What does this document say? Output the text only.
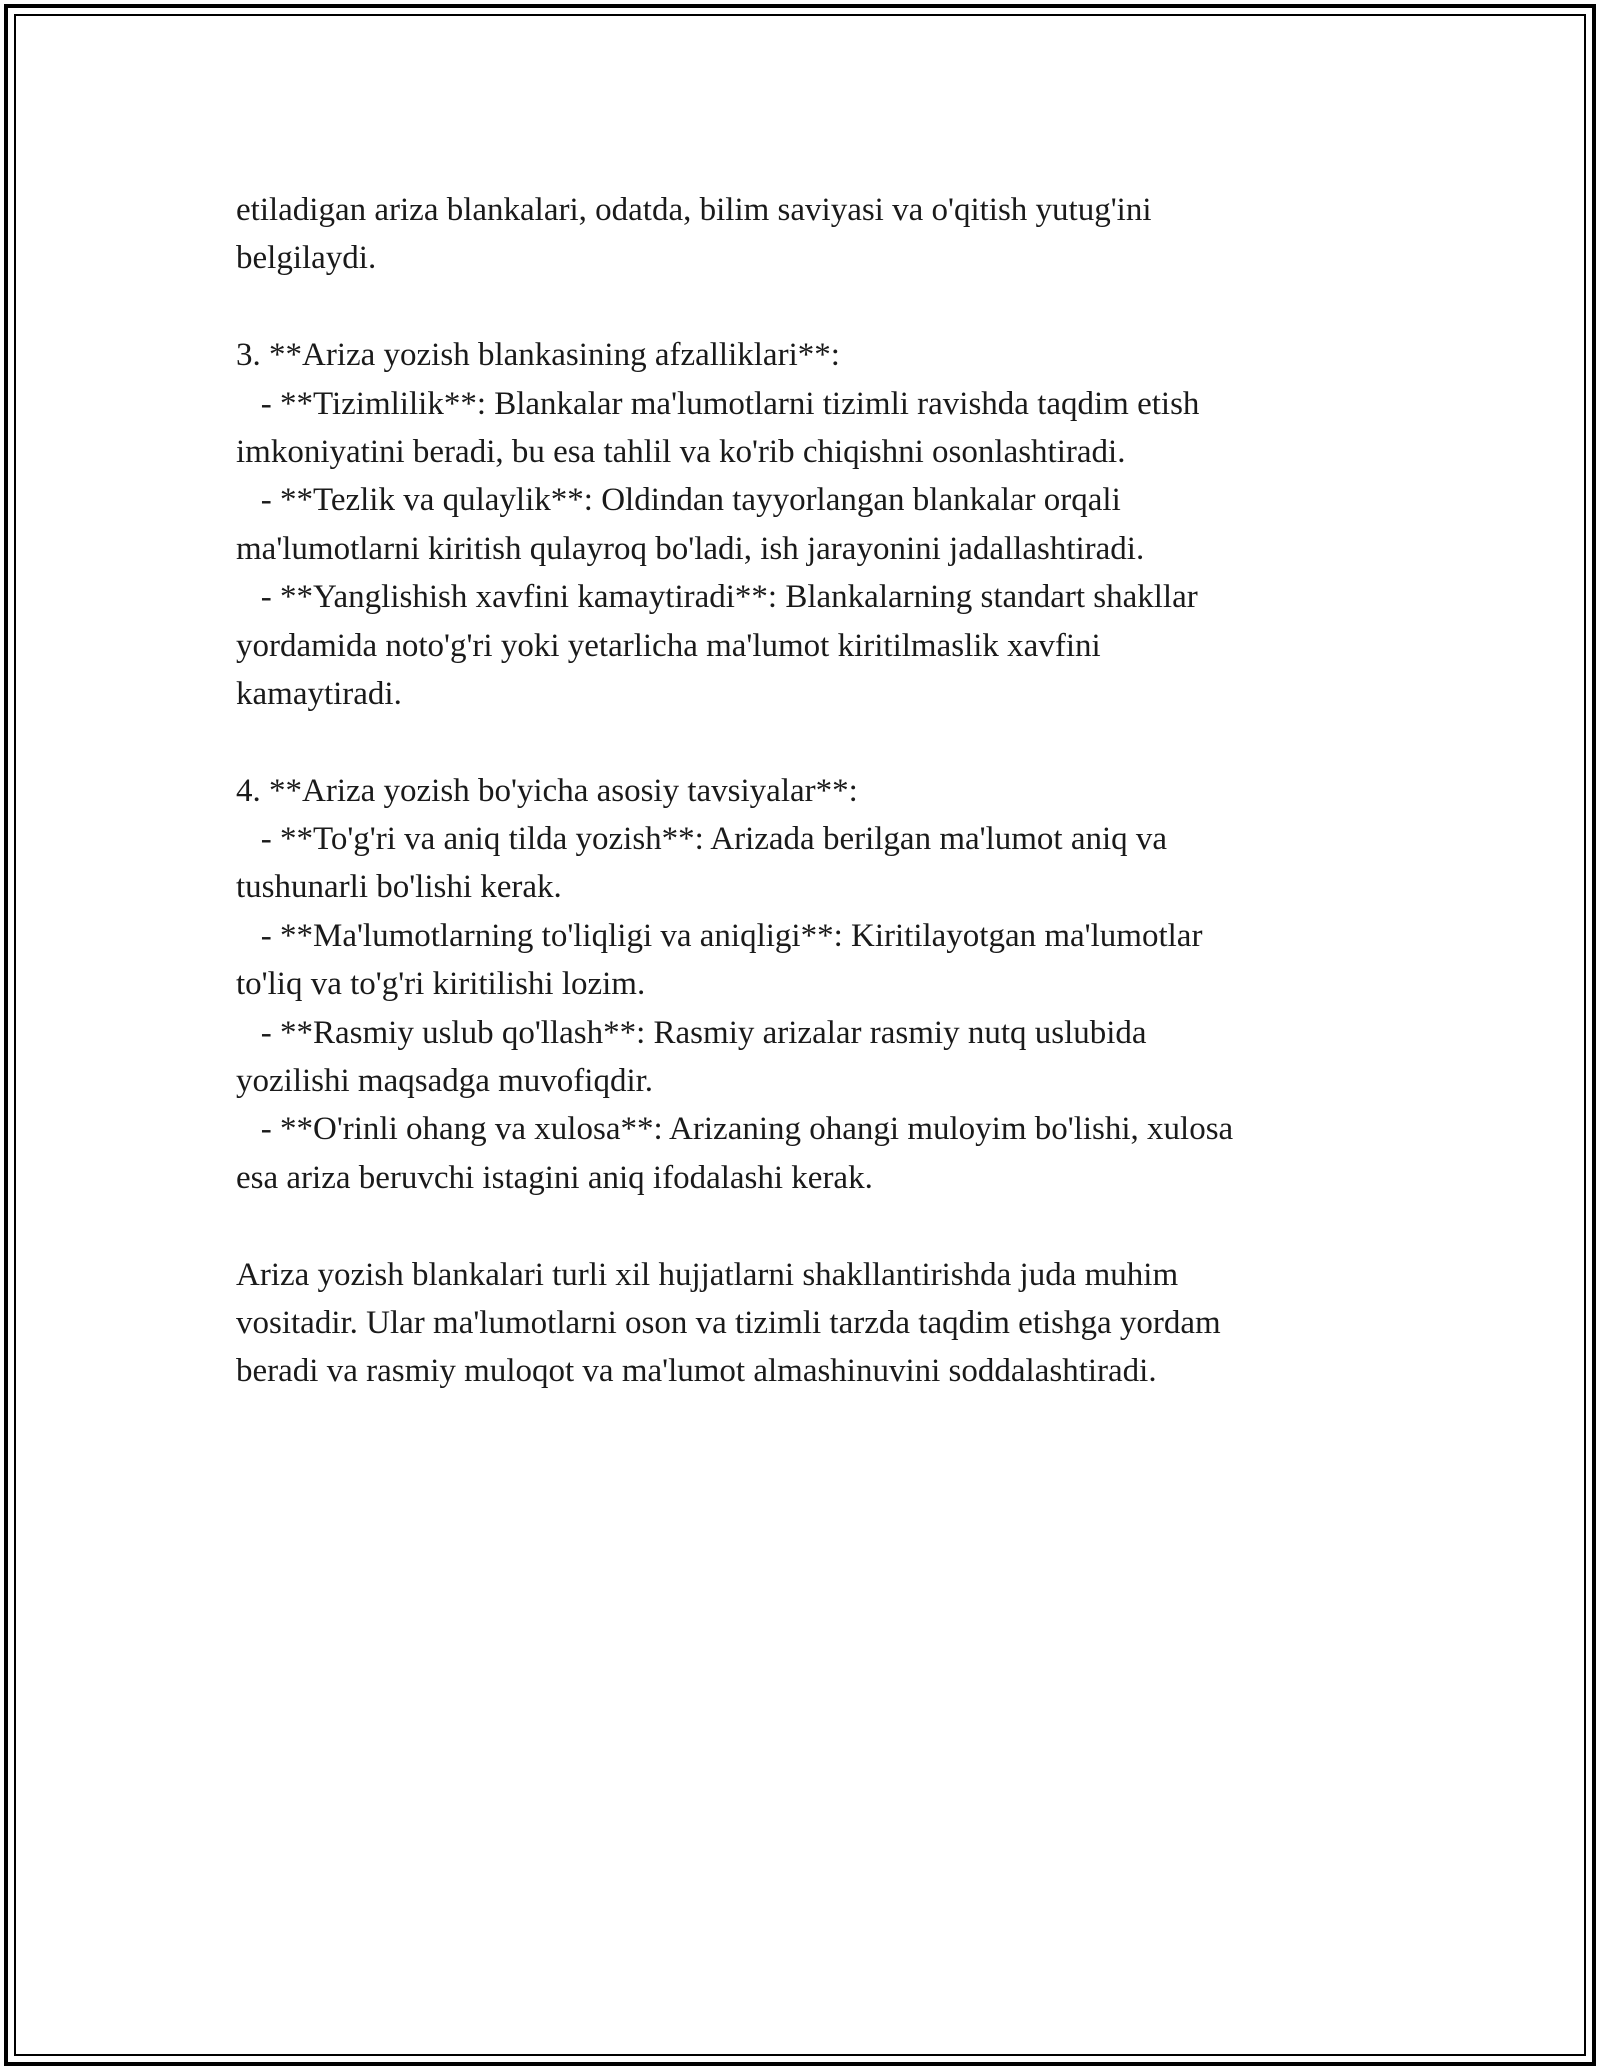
etiladigan ariza blankalari, odatda, bilim saviyasi va o'qitish yutug'ini
belgilaydi.
3. **Ariza yozish blankasining afzalliklari**:
- **Tizimlilik**: Blankalar ma'lumotlarni tizimli ravishda taqdim etish
imkoniyatini beradi, bu esa tahlil va ko'rib chiqishni osonlashtiradi.
- **Tezlik va qulaylik**: Oldindan tayyorlangan blankalar orqali
ma'lumotlarni kiritish qulayroq bo'ladi, ish jarayonini jadallashtiradi.
- **Yanglishish xavfini kamaytiradi**: Blankalarning standart shakllar
yordamida noto'g'ri yoki yetarlicha ma'lumot kiritilmaslik xavfini
kamaytiradi.
4. **Ariza yozish bo'yicha asosiy tavsiyalar**:
- **To'g'ri va aniq tilda yozish**: Arizada berilgan ma'lumot aniq va
tushunarli bo'lishi kerak.
- **Ma'lumotlarning to'liqligi va aniqligi**: Kiritilayotgan ma'lumotlar
to'liq va to'g'ri kiritilishi lozim.
- **Rasmiy uslub qo'llash**: Rasmiy arizalar rasmiy nutq uslubida
yozilishi maqsadga muvofiqdir.
- **O'rinli ohang va xulosa**: Arizaning ohangi muloyim bo'lishi, xulosa
esa ariza beruvchi istagini aniq ifodalashi kerak.
Ariza yozish blankalari turli xil hujjatlarni shakllantirishda juda muhim
vositadir. Ular ma'lumotlarni oson va tizimli tarzda taqdim etishga yordam
beradi va rasmiy muloqot va ma'lumot almashinuvini soddalashtiradi.
